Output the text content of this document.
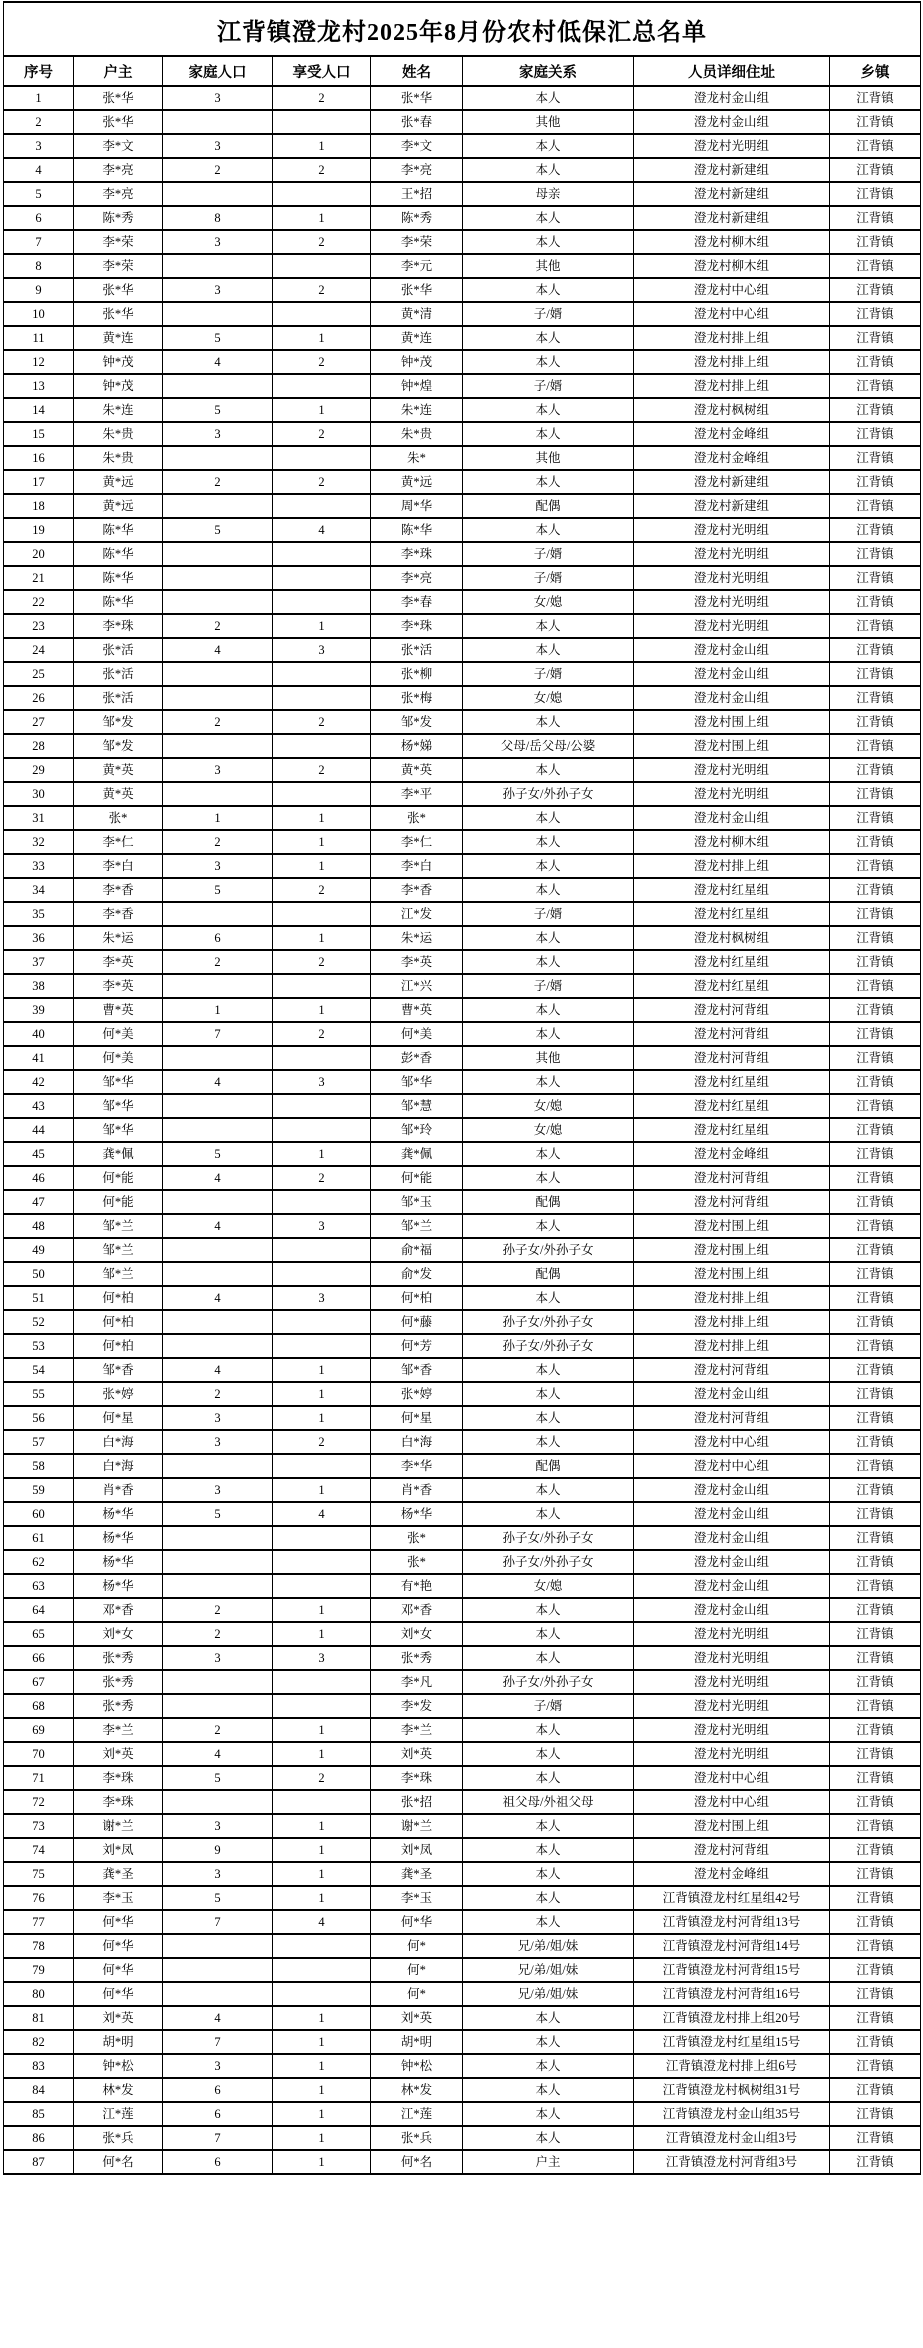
江背镇澄龙村2025年8月份农村低保汇总名单							
序号	户主	家庭人口	享受人口	姓名	家庭关系	人员详细住址	乡镇
1	张*华	3	2	张*华	本人	澄龙村金山组	江背镇
2	张*华			张*春	其他	澄龙村金山组	江背镇
3	李*文	3	1	李*文	本人	澄龙村光明组	江背镇
4	李*亮	2	2	李*亮	本人	澄龙村新建组	江背镇
5	李*亮			王*招	母亲	澄龙村新建组	江背镇
6	陈*秀	8	1	陈*秀	本人	澄龙村新建组	江背镇
7	李*荣	3	2	李*荣	本人	澄龙村柳木组	江背镇
8	李*荣			李*元	其他	澄龙村柳木组	江背镇
9	张*华	3	2	张*华	本人	澄龙村中心组	江背镇
10	张*华			黄*清	子/婿	澄龙村中心组	江背镇
11	黄*连	5	1	黄*连	本人	澄龙村排上组	江背镇
12	钟*茂	4	2	钟*茂	本人	澄龙村排上组	江背镇
13	钟*茂			钟*煌	子/婿	澄龙村排上组	江背镇
14	朱*连	5	1	朱*连	本人	澄龙村枫树组	江背镇
15	朱*贵	3	2	朱*贵	本人	澄龙村金峰组	江背镇
16	朱*贵			朱*	其他	澄龙村金峰组	江背镇
17	黄*远	2	2	黄*远	本人	澄龙村新建组	江背镇
18	黄*远			周*华	配偶	澄龙村新建组	江背镇
19	陈*华	5	4	陈*华	本人	澄龙村光明组	江背镇
20	陈*华			李*珠	子/婿	澄龙村光明组	江背镇
21	陈*华			李*亮	子/婿	澄龙村光明组	江背镇
22	陈*华			李*春	女/媳	澄龙村光明组	江背镇
23	李*珠	2	1	李*珠	本人	澄龙村光明组	江背镇
24	张*活	4	3	张*活	本人	澄龙村金山组	江背镇
25	张*活			张*柳	子/婿	澄龙村金山组	江背镇
26	张*活			张*梅	女/媳	澄龙村金山组	江背镇
27	邹*发	2	2	邹*发	本人	澄龙村围上组	江背镇
28	邹*发			杨*娣	父母/岳父母/公婆	澄龙村围上组	江背镇
29	黄*英	3	2	黄*英	本人	澄龙村光明组	江背镇
30	黄*英			李*平	孙子女/外孙子女	澄龙村光明组	江背镇
31	张*	1	1	张*	本人	澄龙村金山组	江背镇
32	李*仁	2	1	李*仁	本人	澄龙村柳木组	江背镇
33	李*白	3	1	李*白	本人	澄龙村排上组	江背镇
34	李*香	5	2	李*香	本人	澄龙村红星组	江背镇
35	李*香			江*发	子/婿	澄龙村红星组	江背镇
36	朱*运	6	1	朱*运	本人	澄龙村枫树组	江背镇
37	李*英	2	2	李*英	本人	澄龙村红星组	江背镇
38	李*英			江*兴	子/婿	澄龙村红星组	江背镇
39	曹*英	1	1	曹*英	本人	澄龙村河背组	江背镇
40	何*美	7	2	何*美	本人	澄龙村河背组	江背镇
41	何*美			彭*香	其他	澄龙村河背组	江背镇
42	邹*华	4	3	邹*华	本人	澄龙村红星组	江背镇
43	邹*华			邹*慧	女/媳	澄龙村红星组	江背镇
44	邹*华			邹*玲	女/媳	澄龙村红星组	江背镇
45	龚*佩	5	1	龚*佩	本人	澄龙村金峰组	江背镇
46	何*能	4	2	何*能	本人	澄龙村河背组	江背镇
47	何*能			邹*玉	配偶	澄龙村河背组	江背镇
48	邹*兰	4	3	邹*兰	本人	澄龙村围上组	江背镇
49	邹*兰			俞*福	孙子女/外孙子女	澄龙村围上组	江背镇
50	邹*兰			俞*发	配偶	澄龙村围上组	江背镇
51	何*柏	4	3	何*柏	本人	澄龙村排上组	江背镇
52	何*柏			何*藤	孙子女/外孙子女	澄龙村排上组	江背镇
53	何*柏			何*芳	孙子女/外孙子女	澄龙村排上组	江背镇
54	邹*香	4	1	邹*香	本人	澄龙村河背组	江背镇
55	张*婷	2	1	张*婷	本人	澄龙村金山组	江背镇
56	何*星	3	1	何*星	本人	澄龙村河背组	江背镇
57	白*海	3	2	白*海	本人	澄龙村中心组	江背镇
58	白*海			李*华	配偶	澄龙村中心组	江背镇
59	肖*香	3	1	肖*香	本人	澄龙村金山组	江背镇
60	杨*华	5	4	杨*华	本人	澄龙村金山组	江背镇
61	杨*华			张*	孙子女/外孙子女	澄龙村金山组	江背镇
62	杨*华			张*	孙子女/外孙子女	澄龙村金山组	江背镇
63	杨*华			有*艳	女/媳	澄龙村金山组	江背镇
64	邓*香	2	1	邓*香	本人	澄龙村金山组	江背镇
65	刘*女	2	1	刘*女	本人	澄龙村光明组	江背镇
66	张*秀	3	3	张*秀	本人	澄龙村光明组	江背镇
67	张*秀			李*凡	孙子女/外孙子女	澄龙村光明组	江背镇
68	张*秀			李*发	子/婿	澄龙村光明组	江背镇
69	李*兰	2	1	李*兰	本人	澄龙村光明组	江背镇
70	刘*英	4	1	刘*英	本人	澄龙村光明组	江背镇
71	李*珠	5	2	李*珠	本人	澄龙村中心组	江背镇
72	李*珠			张*招	祖父母/外祖父母	澄龙村中心组	江背镇
73	谢*兰	3	1	谢*兰	本人	澄龙村围上组	江背镇
74	刘*凤	9	1	刘*凤	本人	澄龙村河背组	江背镇
75	龚*圣	3	1	龚*圣	本人	澄龙村金峰组	江背镇
76	李*玉	5	1	李*玉	本人	江背镇澄龙村红星组42号	江背镇
77	何*华	7	4	何*华	本人	江背镇澄龙村河背组13号	江背镇
78	何*华			何*	兄/弟/姐/妹	江背镇澄龙村河背组14号	江背镇
79	何*华			何*	兄/弟/姐/妹	江背镇澄龙村河背组15号	江背镇
80	何*华			何*	兄/弟/姐/妹	江背镇澄龙村河背组16号	江背镇
81	刘*英	4	1	刘*英	本人	江背镇澄龙村排上组20号	江背镇
82	胡*明	7	1	胡*明	本人	江背镇澄龙村红星组15号	江背镇
83	钟*松	3	1	钟*松	本人	江背镇澄龙村排上组6号	江背镇
84	林*发	6	1	林*发	本人	江背镇澄龙村枫树组31号	江背镇
85	江*莲	6	1	江*莲	本人	江背镇澄龙村金山组35号	江背镇
86	张*兵	7	1	张*兵	本人	江背镇澄龙村金山组3号	江背镇
87	何*名	6	1	何*名	户主	江背镇澄龙村河背组3号	江背镇
